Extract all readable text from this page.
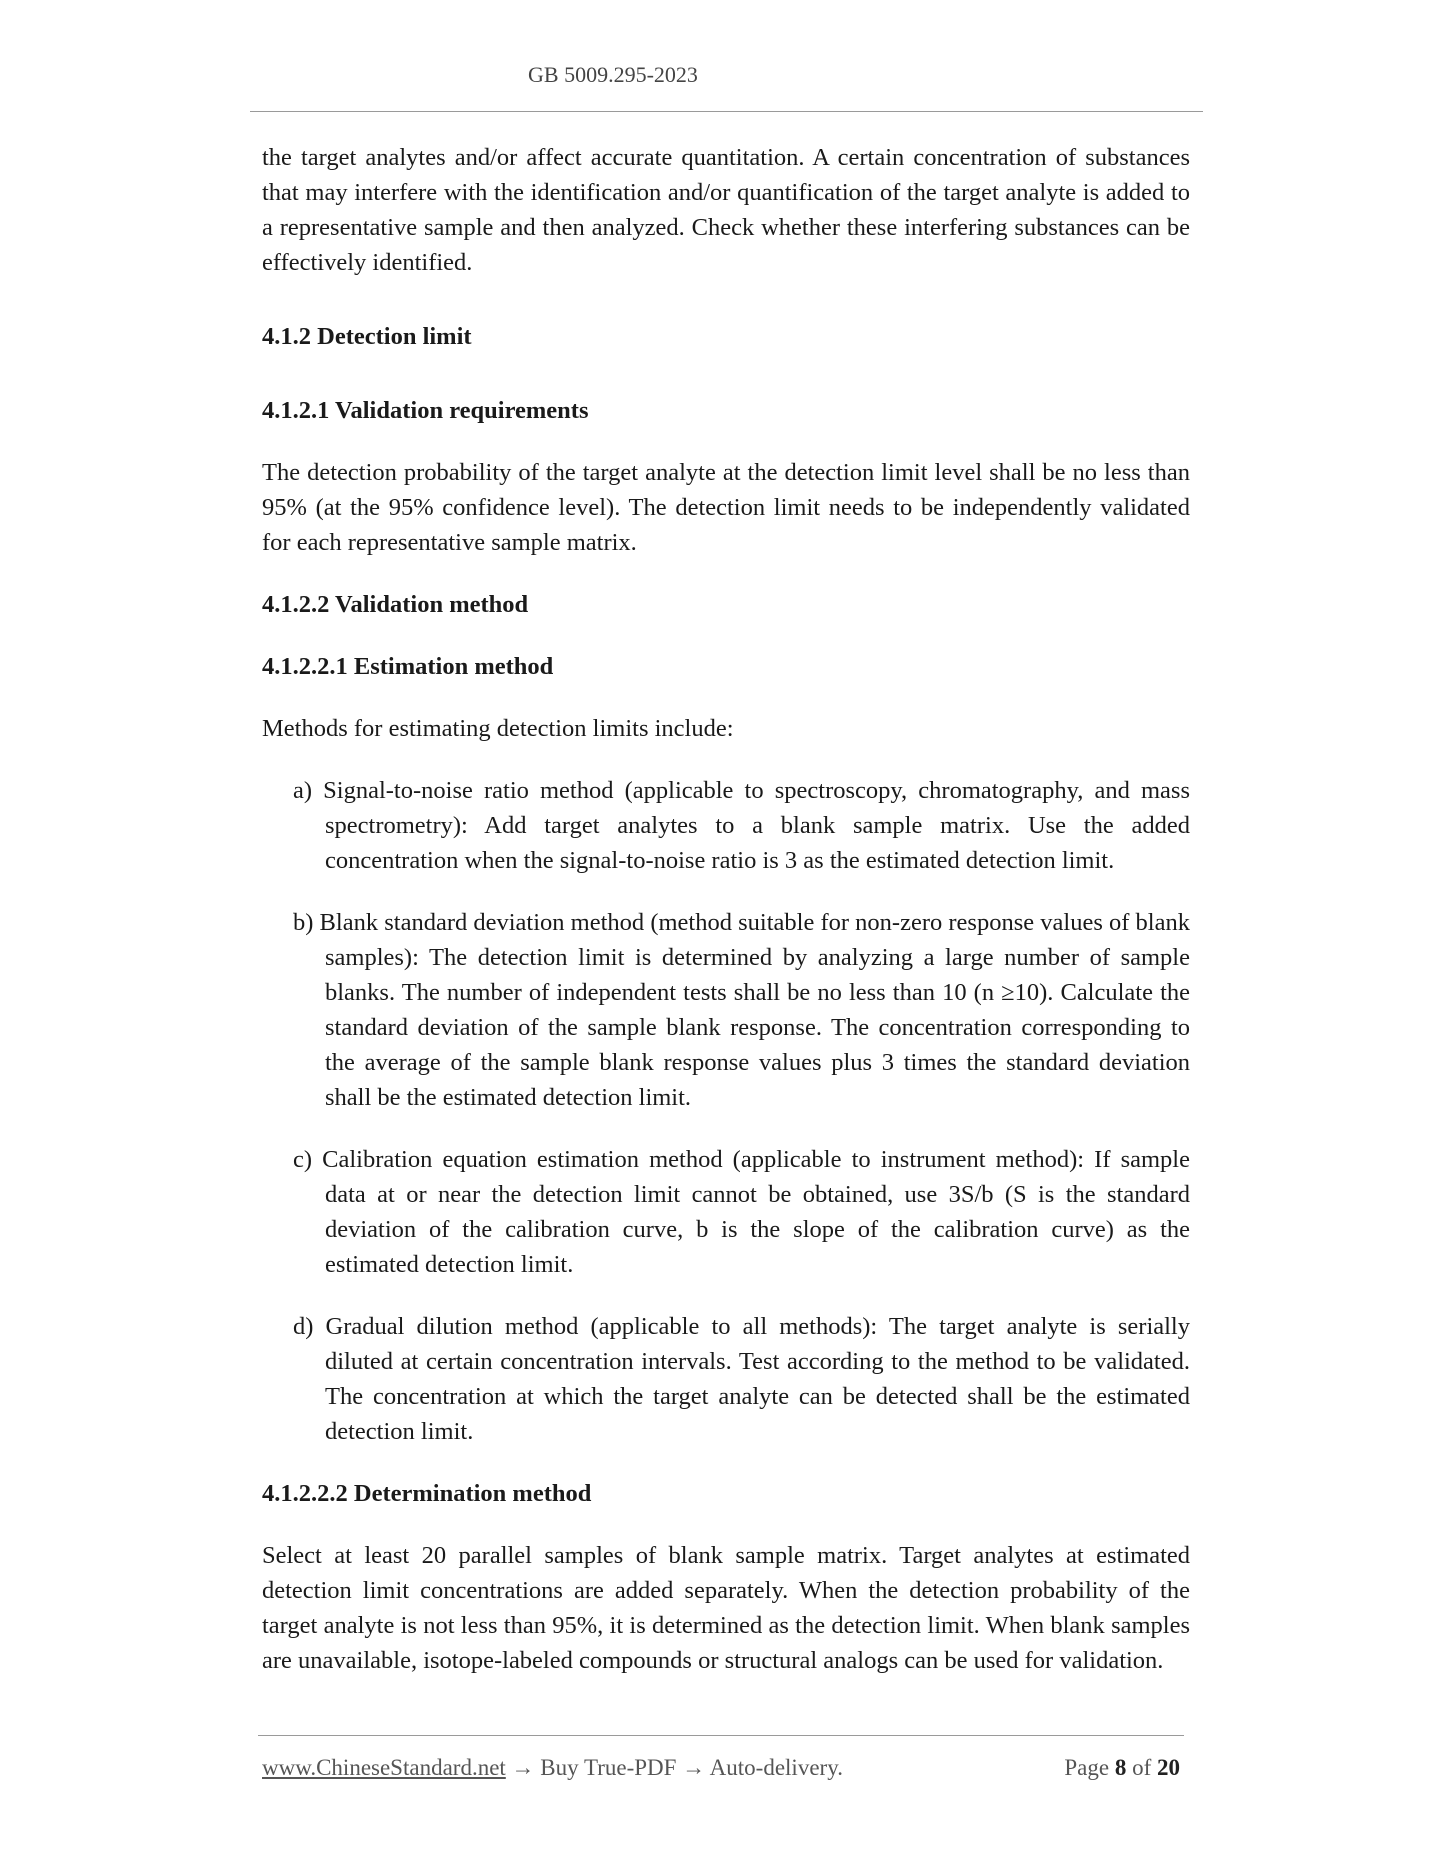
GB 5009.295-2023

the target analytes and/or affect accurate quantitation. A certain concentration of substances that may interfere with the identification and/or quantification of the target analyte is added to a representative sample and then analyzed. Check whether these interfering substances can be effectively identified.

4.1.2 Detection limit

4.1.2.1 Validation requirements

The detection probability of the target analyte at the detection limit level shall be no less than 95% (at the 95% confidence level). The detection limit needs to be independently validated for each representative sample matrix.

4.1.2.2 Validation method

4.1.2.2.1 Estimation method

Methods for estimating detection limits include:

a) Signal-to-noise ratio method (applicable to spectroscopy, chromatography, and mass spectrometry): Add target analytes to a blank sample matrix. Use the added concentration when the signal-to-noise ratio is 3 as the estimated detection limit.

b) Blank standard deviation method (method suitable for non-zero response values of blank samples): The detection limit is determined by analyzing a large number of sample blanks. The number of independent tests shall be no less than 10 (n ≥10). Calculate the standard deviation of the sample blank response. The concentration corresponding to the average of the sample blank response values plus 3 times the standard deviation shall be the estimated detection limit.

c) Calibration equation estimation method (applicable to instrument method): If sample data at or near the detection limit cannot be obtained, use 3S/b (S is the standard deviation of the calibration curve, b is the slope of the calibration curve) as the estimated detection limit.

d) Gradual dilution method (applicable to all methods): The target analyte is serially diluted at certain concentration intervals. Test according to the method to be validated. The concentration at which the target analyte can be detected shall be the estimated detection limit.

4.1.2.2.2 Determination method

Select at least 20 parallel samples of blank sample matrix. Target analytes at estimated detection limit concentrations are added separately. When the detection probability of the target analyte is not less than 95%, it is determined as the detection limit. When blank samples are unavailable, isotope-labeled compounds or structural analogs can be used for validation.

www.ChineseStandard.net → Buy True-PDF → Auto-delivery.	Page 8 of 20
